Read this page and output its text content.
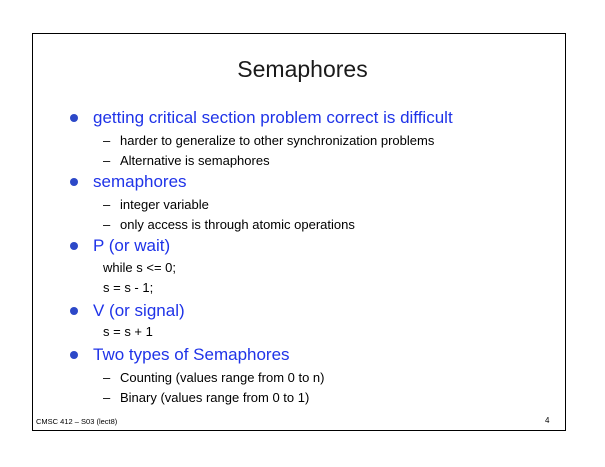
Semaphores
getting critical section problem correct is difficult
– harder to generalize to other synchronization problems
– Alternative is semaphores
semaphores
– integer variable
– only access is through atomic operations
P (or wait)
while s <= 0;
s = s - 1;
V (or signal)
s = s + 1
Two types of Semaphores
– Counting (values range from 0 to n)
– Binary (values range from 0 to 1)
CMSC 412 – S03 (lect8)	4
